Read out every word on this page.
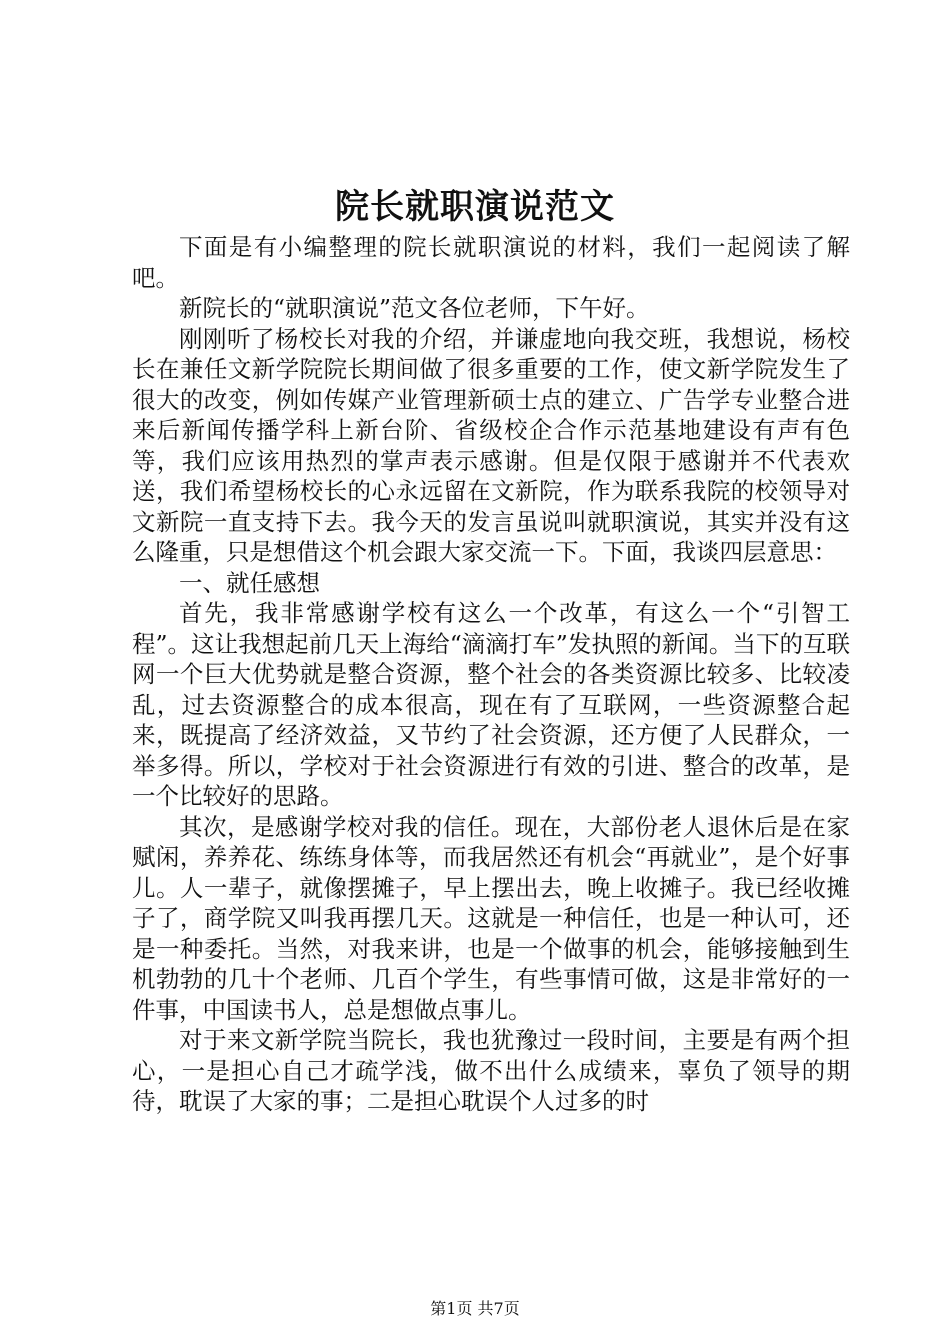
院长就职演说范文

下面是有小编整理的院长就职演说的材料，我们一起阅读了解吧。

新院长的“就职演说”范文各位老师，下午好。

刚刚听了杨校长对我的介绍，并谦虚地向我交班，我想说，杨校长在兼任文新学院院长期间做了很多重要的工作，使文新学院发生了很大的改变，例如传媒产业管理新硕士点的建立、广告学专业整合进来后新闻传播学科上新台阶、省级校企合作示范基地建设有声有色等，我们应该用热烈的掌声表示感谢。但是仅限于感谢并不代表欢送，我们希望杨校长的心永远留在文新院，作为联系我院的校领导对文新院一直支持下去。我今天的发言虽说叫就职演说，其实并没有这么隆重，只是想借这个机会跟大家交流一下。下面，我谈四层意思：

一、就任感想

首先，我非常感谢学校有这么一个改革，有这么一个“引智工程”。这让我想起前几天上海给“滴滴打车”发执照的新闻。当下的互联网一个巨大优势就是整合资源，整个社会的各类资源比较多、比较凌乱，过去资源整合的成本很高，现在有了互联网，一些资源整合起来，既提高了经济效益，又节约了社会资源，还方便了人民群众，一举多得。所以，学校对于社会资源进行有效的引进、整合的改革，是一个比较好的思路。

其次，是感谢学校对我的信任。现在，大部份老人退休后是在家赋闲，养养花、练练身体等，而我居然还有机会“再就业”，是个好事儿。人一辈子，就像摆摊子，早上摆出去，晚上收摊子。我已经收摊子了，商学院又叫我再摆几天。这就是一种信任，也是一种认可，还是一种委托。当然，对我来讲，也是一个做事的机会，能够接触到生机勃勃的几十个老师、几百个学生，有些事情可做，这是非常好的一件事，中国读书人，总是想做点事儿。

对于来文新学院当院长，我也犹豫过一段时间，主要是有两个担心，一是担心自己才疏学浅，做不出什么成绩来，辜负了领导的期待，耽误了大家的事；二是担心耽误个人过多的时

第1页 共7页
